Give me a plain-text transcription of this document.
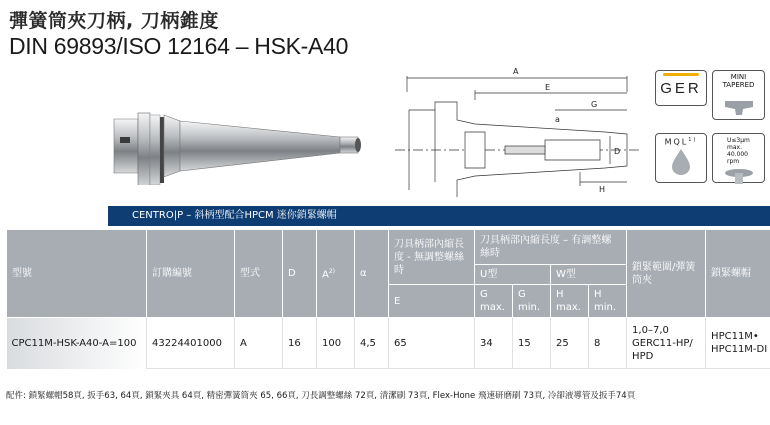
彈簧筒夾刀柄, 刀柄錐度
DIN 69893/ISO 12164 – HSK-A40
A
E
G
D
H
a
GER
MINI
TAPERED
MQL$^{1)}$	U≤3μm
max. 40.000
rpm
CENTRO|P – 斜柄型配合HPCM 迷你鎖緊螺帽
型號	訂購編號	型式	D	$A^{2)}$	α	刀具柄部內縮長度 - 無調整螺絲時	刀具柄部內縮長度 – 有調整螺絲時				鎖緊範圍/彈簧筒夾	鎖緊螺帽
							U型		W型			
						E	G max.	G min.	H max.	H min.		
CPC11M-HSK-A40-A=100	43224401000	A	16	100	4,5	65	34	15	25	8	1,0–7,0 GERC11-HP/ HPD	HPC11M• HPC11M-DI
配件: 鎖緊螺帽58頁, 扳手63, 64頁, 鎖緊夾具 64頁, 精密彈簧筒夾 65, 66頁, 刀長調整螺絲 72頁, 清潔刷 73頁, Flex-Hone 飛速研磨刷 73頁, 冷卻液導管及扳手74頁
